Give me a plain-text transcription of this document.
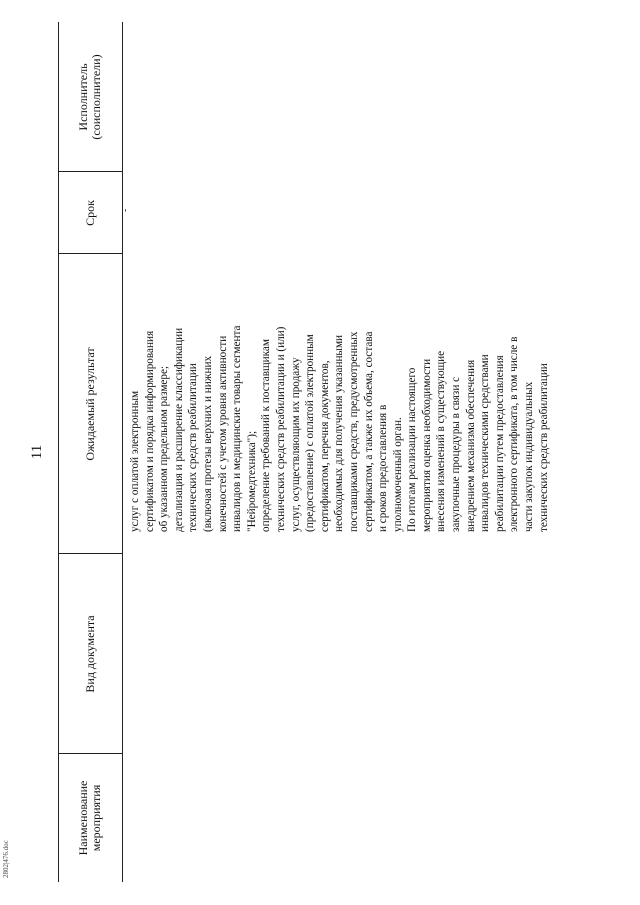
11
Наименование мероприятия
Вид документа
Ожидаемый результат
Срок
Исполнитель (соисполнители)
-
услуг с оплатой электронным сертификатом и порядка информирования об указанном предельном размере; детализация и расширение классификации технических средств реабилитации (включая протезы верхних и нижних конечностей с учетом уровня активности инвалидов и медицинские товары сегмента "Нейромедтехника"); определение требований к поставщикам технических средств реабилитации и (или) услуг, осуществляющим их продажу (предоставление) с оплатой электронным сертификатом, перечня документов, необходимых для получения указанными поставщиками средств, предусмотренных сертификатом, а также их объема, состава и сроков предоставления в уполномоченный орган. По итогам реализации настоящего мероприятия оценка необходимости внесения изменений в существующие закупочные процедуры в связи с внедрением механизма обеспечения инвалидов техническими средствами реабилитации путем предоставления электронного сертификата, в том числе в части закупок индивидуальных технических средств реабилитации
2802|476.doc
